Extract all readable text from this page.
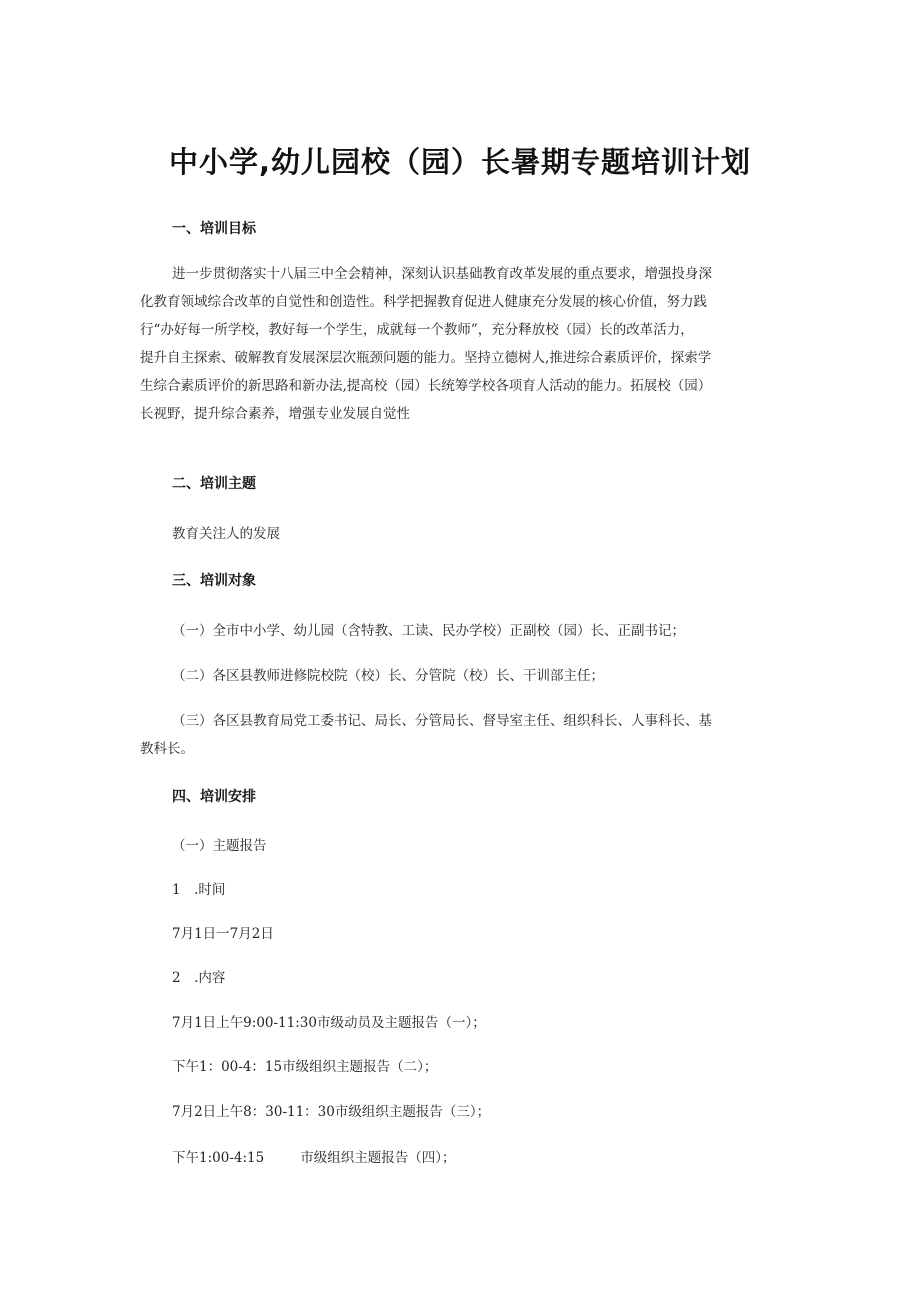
中小学,幼儿园校（园）长暑期专题培训计划
一、培训目标
进一步贯彻落实十八届三中全会精神，深刻认识基础教育改革发展的重点要求，增强投身深
化教育领域综合改革的自觉性和创造性。科学把握教育促进人健康充分发展的核心价值，努力践
行“办好每一所学校，教好每一个学生，成就每一个教师”，充分释放校（园）长的改革活力，
提升自主探索、破解教育发展深层次瓶颈问题的能力。坚持立德树人,推进综合素质评价，探索学
生综合素质评价的新思路和新办法,提高校（园）长统筹学校各项育人活动的能力。拓展校（园）
长视野，提升综合素养，增强专业发展自觉性
二、培训主题
教育关注人的发展
三、培训对象
（一）全市中小学、幼儿园（含特教、工读、民办学校）正副校（园）长、正副书记；
（二）各区县教师进修院校院（校）长、分管院（校）长、干训部主任；
（三）各区县教育局党工委书记、局长、分管局长、督导室主任、组织科长、人事科长、基
教科长。
四、培训安排
（一）主题报告
1　.时间
7月1日一7月2日
2　.内容
7月1日上午9:00-11:30市级动员及主题报告（一）；
下午1：00-4：15市级组织主题报告（二）；
7月2日上午8：30-11：30市级组织主题报告（三）；
下午1:00-4:15	市级组织主题报告（四）；
